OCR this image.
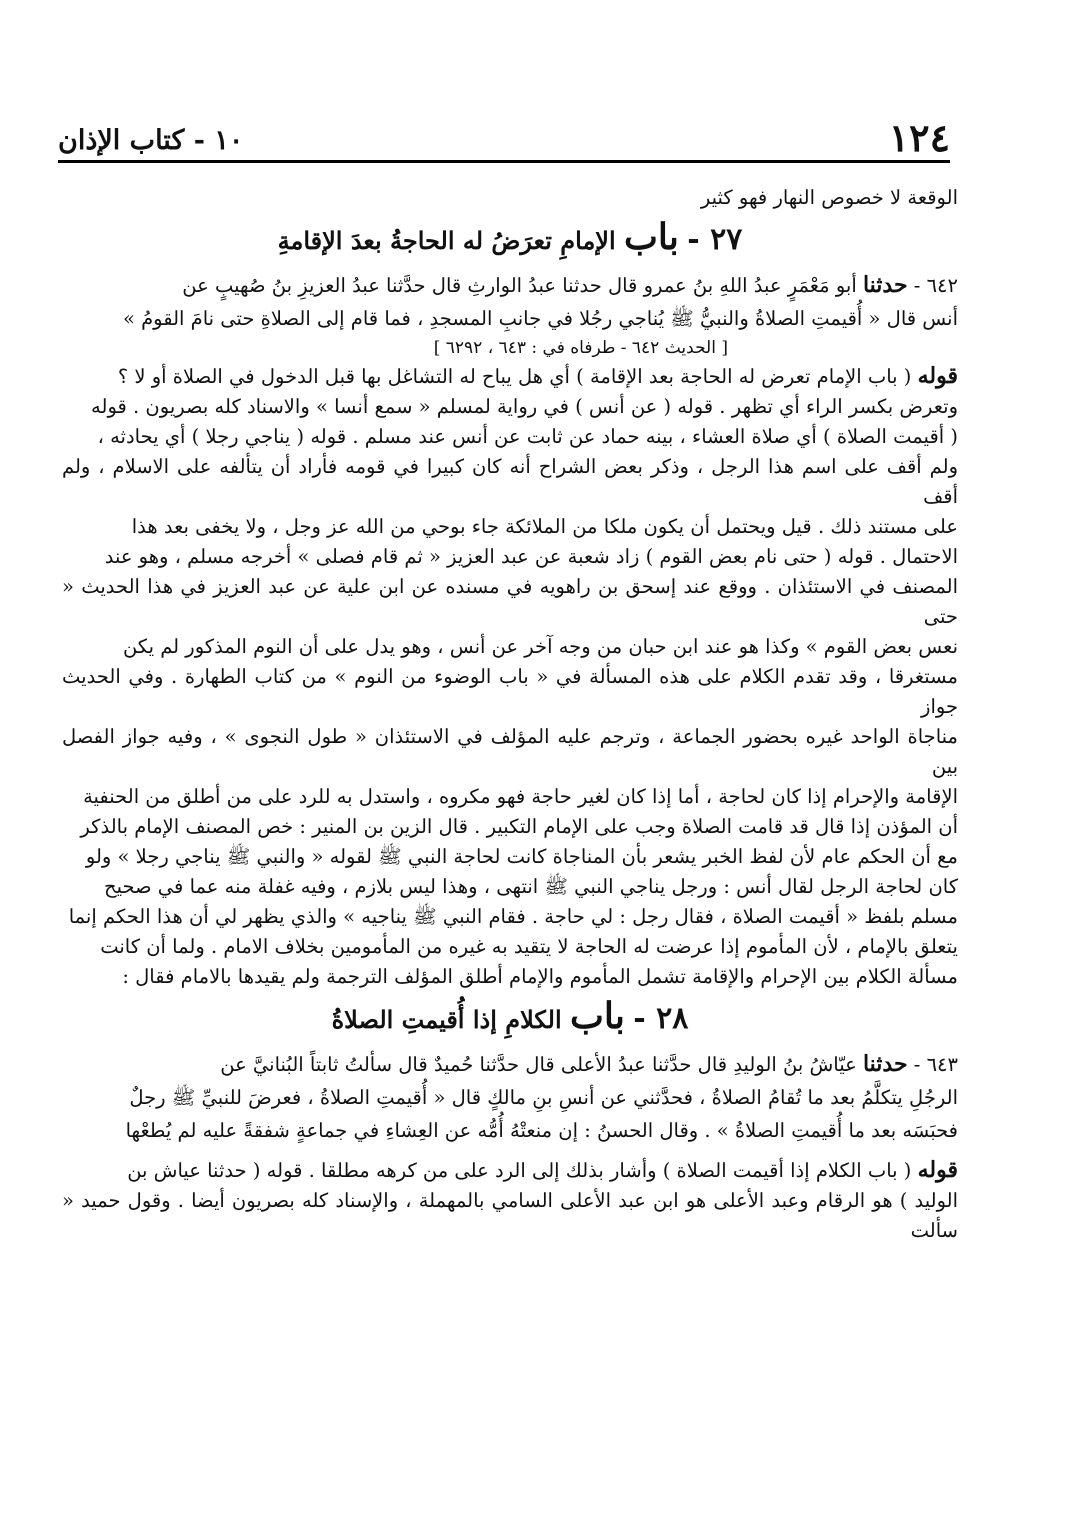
١٢٤
١٠ - كتاب الإذان
الوقعة لا خصوص النهار فهو كثير
٢٧ - باب الإمامِ تعرَضُ له الحاجةُ بعدَ الإقامةِ
٦٤٢ - حدثنا أبو مَعْمَرٍ عبدُ اللهِ بنُ عمرو قال حدثنا عبدُ الوارثِ قال حدَّثنا عبدُ العزيزِ بنُ صُهيبٍ عن
أنس قال « أُقيمتِ الصلاةُ والنبيُّ ﷺ يُناجي رجُلا في جانبِ المسجدِ ، فما قام إلى الصلاةِ حتى نامَ القومُ »
[ الحديث ٦٤٢ - طرفاه في : ٦٤٣ ، ٦٢٩٢ ]
قوله ( باب الإمام تعرض له الحاجة بعد الإقامة ) أي هل يباح له التشاغل بها قبل الدخول في الصلاة أو لا ؟
وتعرض بكسر الراء أي تظهر . قوله ( عن أنس ) في رواية لمسلم « سمع أنسا » والاسناد كله بصريون . قوله
( أقيمت الصلاة ) أي صلاة العشاء ، بينه حماد عن ثابت عن أنس عند مسلم . قوله ( يناجي رجلا ) أي يحادثه ،
ولم أقف على اسم هذا الرجل ، وذكر بعض الشراح أنه كان كبيرا في قومه فأراد أن يتألفه على الاسلام ، ولم أقف
على مستند ذلك . قيل ويحتمل أن يكون ملكا من الملائكة جاء بوحي من الله عز وجل ، ولا يخفى بعد هذا
الاحتمال . قوله ( حتى نام بعض القوم ) زاد شعبة عن عبد العزيز « ثم قام فصلى » أخرجه مسلم ، وهو عند
المصنف في الاستئذان . ووقع عند إسحق بن راهويه في مسنده عن ابن علية عن عبد العزيز في هذا الحديث « حتى
نعس بعض القوم » وكذا هو عند ابن حبان من وجه آخر عن أنس ، وهو يدل على أن النوم المذكور لم يكن
مستغرقا ، وقد تقدم الكلام على هذه المسألة في « باب الوضوء من النوم » من كتاب الطهارة . وفي الحديث جواز
مناجاة الواحد غيره بحضور الجماعة ، وترجم عليه المؤلف في الاستئذان « طول النجوى » ، وفيه جواز الفصل بين
الإقامة والإحرام إذا كان لحاجة ، أما إذا كان لغير حاجة فهو مكروه ، واستدل به للرد على من أطلق من الحنفية
أن المؤذن إذا قال قد قامت الصلاة وجب على الإمام التكبير . قال الزين بن المنير : خص المصنف الإمام بالذكر
مع أن الحكم عام لأن لفظ الخبر يشعر بأن المناجاة كانت لحاجة النبي ﷺ لقوله « والنبي ﷺ يناجي رجلا » ولو
كان لحاجة الرجل لقال أنس : ورجل يناجي النبي ﷺ انتهى ، وهذا ليس بلازم ، وفيه غفلة منه عما في صحيح
مسلم بلفظ « أقيمت الصلاة ، فقال رجل : لي حاجة . فقام النبي ﷺ يناجيه » والذي يظهر لي أن هذا الحكم إنما
يتعلق بالإمام ، لأن المأموم إذا عرضت له الحاجة لا يتقيد به غيره من المأمومين بخلاف الامام . ولما أن كانت
مسألة الكلام بين الإحرام والإقامة تشمل المأموم والإمام أطلق المؤلف الترجمة ولم يقيدها بالامام فقال :
٢٨ - باب الكلامِ إذا أُقيمتِ الصلاةُ
٦٤٣ - حدثنا عيّاشُ بنُ الوليدِ قال حدَّثنا عبدُ الأعلى قال حدَّثنا حُميدٌ قال سألتُ ثابتاً البُنانيَّ عن
الرجُلِ يتكلَّمُ بعد ما تُقامُ الصلاةُ ، فحدَّثني عن أنسِ بنِ مالكٍ قال « أُقيمتِ الصلاةُ ، فعرضَ للنبيِّ ﷺ رجلٌ
فحبَسَه بعد ما أُقيمتِ الصلاةُ » . وقال الحسنُ : إن منعتْهُ أُمُّه عن العِشاءِ في جماعةٍ شفقةً عليه لم يُطعْها
قوله ( باب الكلام إذا أقيمت الصلاة ) وأشار بذلك إلى الرد على من كرهه مطلقا . قوله ( حدثنا عياش بن
الوليد ) هو الرقام وعبد الأعلى هو ابن عبد الأعلى السامي بالمهملة ، والإسناد كله بصريون أيضا . وقول حميد « سألت
